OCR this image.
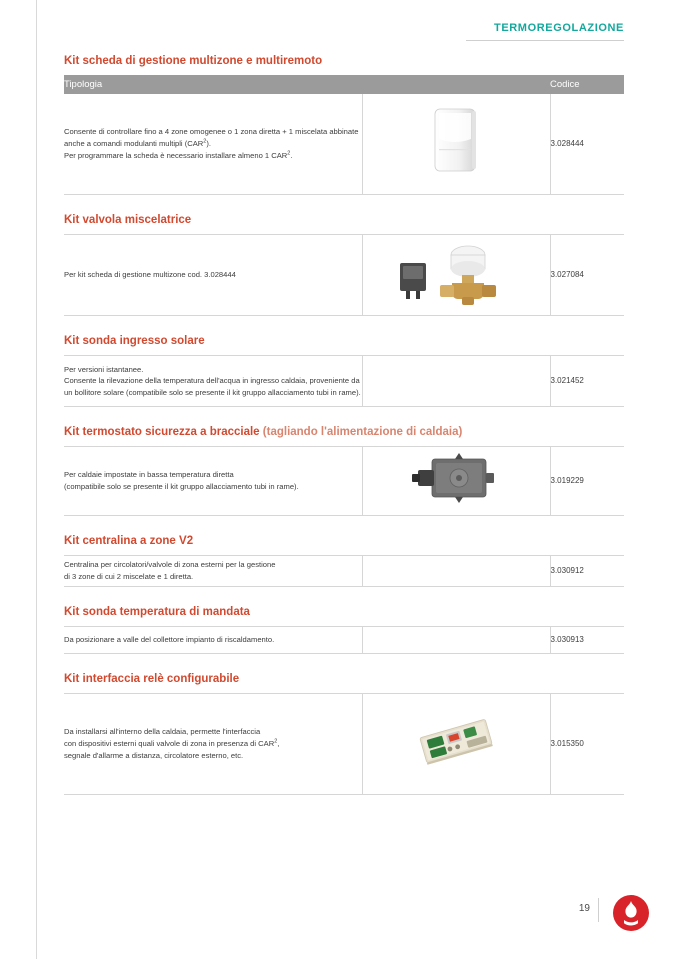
TERMOREGOLAZIONE
Kit scheda di gestione multizone e multiremoto
Tipologia		Codice
Consente di controllare fino a 4 zone omogenee o 1 zona diretta + 1 miscelata abbinate anche a comandi modulanti multipli (CAR$^2$).
Per programmare la scheda è necessario installare almeno 1 CAR$^2$.		3.028444
Kit valvola miscelatrice
Per kit scheda di gestione multizone cod. 3.028444		3.027084
Kit sonda ingresso solare
Per versioni istantanee.
Consente la rilevazione della temperatura dell'acqua in ingresso caldaia, proveniente da un bollitore solare (compatibile solo se presente il kit gruppo allacciamento tubi in rame).		3.021452
Kit termostato sicurezza a bracciale (tagliando l'alimentazione di caldaia)
Per caldaie impostate in bassa temperatura diretta
(compatibile solo se presente il kit gruppo allacciamento tubi in rame).		3.019229
Kit centralina a zone V2
Centralina per circolatori/valvole di zona esterni per la gestione
di 3 zone di cui 2 miscelate e 1 diretta.		3.030912
Kit sonda temperatura di mandata
Da posizionare a valle del collettore impianto di riscaldamento.		3.030913
Kit interfaccia relè configurabile
Da installarsi all'interno della caldaia, permette l'interfaccia
con dispositivi esterni quali valvole di zona in presenza di CAR$^2$,
segnale d'allarme a distanza, circolatore esterno, etc.		3.015350
19
